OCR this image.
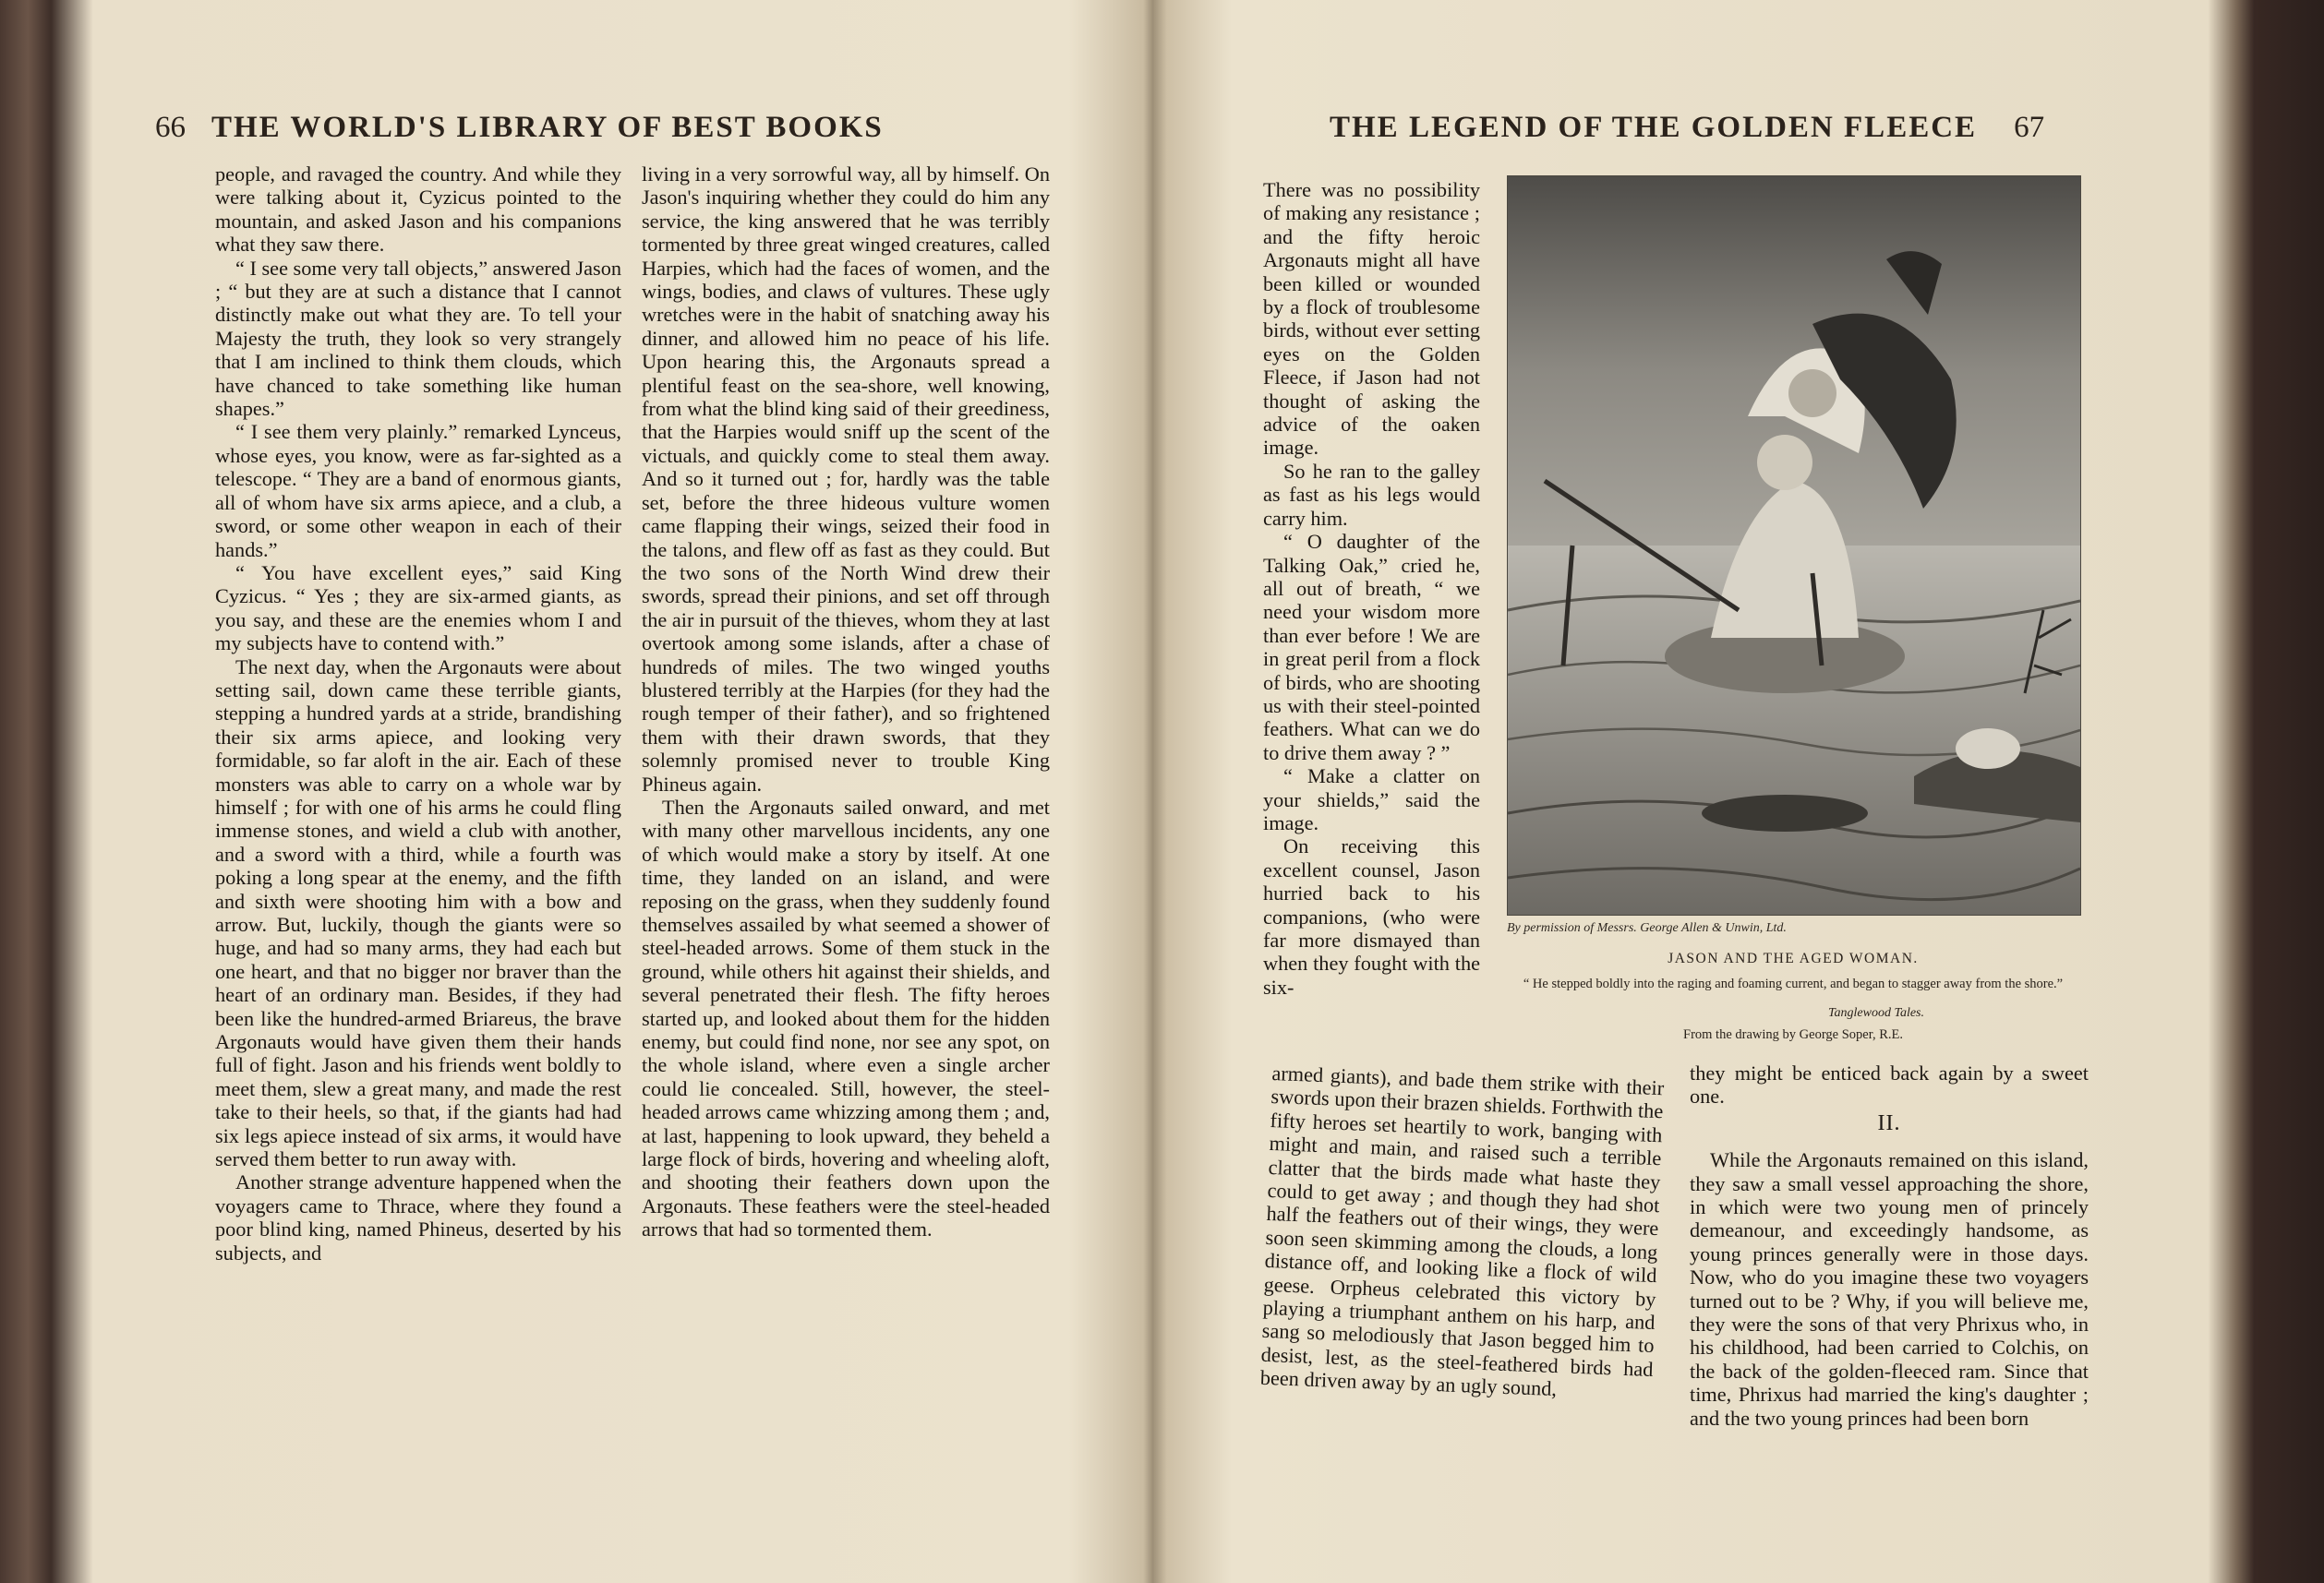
66 THE WORLD'S LIBRARY OF BEST BOOKS	THE LEGEND OF THE GOLDEN FLEECE 67

people, and ravaged the country. And while they were talking about it, Cyzicus pointed to the mountain, and asked Jason and his companions what they saw there.

“ I see some very tall objects,” answered Jason ; “ but they are at such a distance that I cannot distinctly make out what they are. To tell your Majesty the truth, they look so very strangely that I am inclined to think them clouds, which have chanced to take something like human shapes.”

“ I see them very plainly.” remarked Lynceus, whose eyes, you know, were as far-sighted as a telescope. “ They are a band of enormous giants, all of whom have six arms apiece, and a club, a sword, or some other weapon in each of their hands.”

“ You have excellent eyes,” said King Cyzicus. “ Yes ; they are six-armed giants, as you say, and these are the enemies whom I and my subjects have to contend with.”

The next day, when the Argonauts were about setting sail, down came these terrible giants, stepping a hundred yards at a stride, brandishing their six arms apiece, and looking very formidable, so far aloft in the air. Each of these monsters was able to carry on a whole war by himself ; for with one of his arms he could fling immense stones, and wield a club with another, and a sword with a third, while a fourth was poking a long spear at the enemy, and the fifth and sixth were shooting him with a bow and arrow. But, luckily, though the giants were so huge, and had so many arms, they had each but one heart, and that no bigger nor braver than the heart of an ordinary man. Besides, if they had been like the hundred-armed Briareus, the brave Argonauts would have given them their hands full of fight. Jason and his friends went boldly to meet them, slew a great many, and made the rest take to their heels, so that, if the giants had had six legs apiece instead of six arms, it would have served them better to run away with.

Another strange adventure happened when the voyagers came to Thrace, where they found a poor blind king, named Phineus, deserted by his subjects, and

living in a very sorrowful way, all by himself. On Jason's inquiring whether they could do him any service, the king answered that he was terribly tormented by three great winged creatures, called Harpies, which had the faces of women, and the wings, bodies, and claws of vultures. These ugly wretches were in the habit of snatching away his dinner, and allowed him no peace of his life. Upon hearing this, the Argonauts spread a plentiful feast on the sea-shore, well knowing, from what the blind king said of their greediness, that the Harpies would sniff up the scent of the victuals, and quickly come to steal them away. And so it turned out ; for, hardly was the table set, before the three hideous vulture women came flapping their wings, seized their food in the talons, and flew off as fast as they could. But the two sons of the North Wind drew their swords, spread their pinions, and set off through the air in pursuit of the thieves, whom they at last overtook among some islands, after a chase of hundreds of miles. The two winged youths blustered terribly at the Harpies (for they had the rough temper of their father), and so frightened them with their drawn swords, that they solemnly promised never to trouble King Phineus again.

Then the Argonauts sailed onward, and met with many other marvellous incidents, any one of which would make a story by itself. At one time, they landed on an island, and were reposing on the grass, when they suddenly found themselves assailed by what seemed a shower of steel-headed arrows. Some of them stuck in the ground, while others hit against their shields, and several penetrated their flesh. The fifty heroes started up, and looked about them for the hidden enemy, but could find none, nor see any spot, on the whole island, where even a single archer could lie concealed. Still, however, the steel-headed arrows came whizzing among them ; and, at last, happening to look upward, they beheld a large flock of birds, hovering and wheeling aloft, and shooting their feathers down upon the Argonauts. These feathers were the steel-headed arrows that had so tormented them.

There was no possibility of making any resistance ; and the fifty heroic Argonauts might all have been killed or wounded by a flock of troublesome birds, without ever setting eyes on the Golden Fleece, if Jason had not thought of asking the advice of the oaken image.

So he ran to the galley as fast as his legs would carry him.

“ O daughter of the Talking Oak,” cried he, all out of breath, “ we need your wisdom more than ever before ! We are in great peril from a flock of birds, who are shooting us with their steel-pointed feathers. What can we do to drive them away ? ”

“ Make a clatter on your shields,” said the image.

On receiving this excellent counsel, Jason hurried back to his companions, (who were far more dismayed than when they fought with the six-

By permission of Messrs. George Allen & Unwin, Ltd.
JASON AND THE AGED WOMAN.
“ He stepped boldly into the raging and foaming current, and began to stagger away from the shore.”
Tanglewood Tales.
From the drawing by George Soper, R.E.

armed giants), and bade them strike with their swords upon their brazen shields. Forthwith the fifty heroes set heartily to work, banging with might and main, and raised such a terrible clatter that the birds made what haste they could to get away ; and though they had shot half the feathers out of their wings, they were soon seen skimming among the clouds, a long distance off, and looking like a flock of wild geese. Orpheus celebrated this victory by playing a triumphant anthem on his harp, and sang so melodiously that Jason begged him to desist, lest, as the steel-feathered birds had been driven away by an ugly sound,

they might be enticed back again by a sweet one.

II.

While the Argonauts remained on this island, they saw a small vessel approaching the shore, in which were two young men of princely demeanour, and exceedingly handsome, as young princes generally were in those days. Now, who do you imagine these two voyagers turned out to be ? Why, if you will believe me, they were the sons of that very Phrixus who, in his childhood, had been carried to Colchis, on the back of the golden-fleeced ram. Since that time, Phrixus had married the king's daughter ; and the two young princes had been born
